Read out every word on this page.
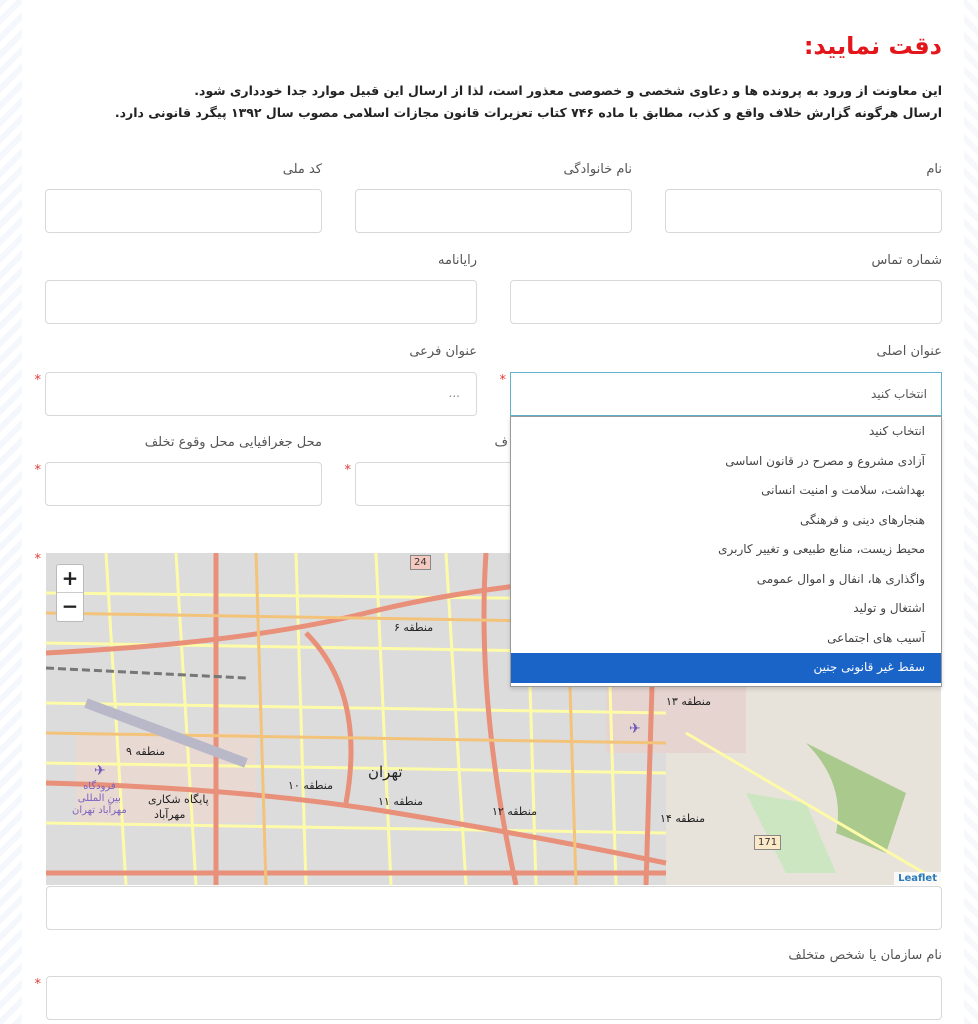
دقت نمایید:
این معاونت از ورود به پرونده ها و دعاوی شخصی و خصوصی معذور است، لذا از ارسال این قبیل موارد جدا خودداری شود.
ارسال هرگونه گزارش خلاف واقع و کذب، مطابق با ماده ۷۴۶ کتاب تعزیرات قانون مجازات اسلامی مصوب سال ۱۳۹۲ پیگرد قانونی دارد.
نام
نام خانوادگی
کد ملی
شماره تماس
رایانامه
عنوان اصلی
انتخاب کنید
*
عنوان فرعی
...
*
ف
*
محل جغرافیایی محل وقوع تخلف
*
*
+
−
24
171
منطقه ۶
منطقه ۹
منطقه ۱۰
تهران
منطقه ۱۱
منطقه ۱۲
منطقه ۱۳
منطقه ۱۴
پایگاه شکاری
مهرآباد
✈
✈
فرودگاه
بین المللی
مهرآباد تهران
Leaflet
نام سازمان یا شخص متخلف
*
انتخاب کنید
آزادی مشروع و مصرح در قانون اساسی
بهداشت، سلامت و امنیت انسانی
هنجارهای دینی و فرهنگی
محیط زیست، منابع طبیعی و تغییر کاربری
واگذاری ها، انفال و اموال عمومی
اشتغال و تولید
آسیب های اجتماعی
سقط غیر قانونی جنین
